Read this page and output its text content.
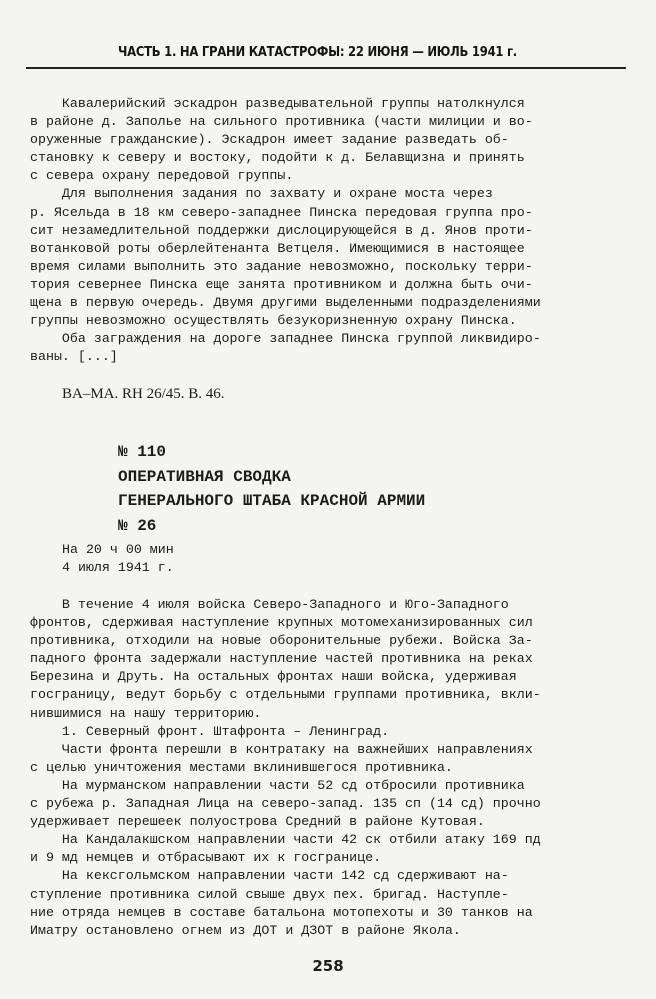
ЧАСТЬ 1. НА ГРАНИ КАТАСТРОФЫ: 22 ИЮНЯ — ИЮЛЬ 1941 г.

Кавалерийский эскадрон разведывательной группы натолкнулся

в районе д. Заполье на сильного противника (части милиции и во-

оруженные гражданские). Эскадрон имеет задание разведать об-

становку к северу и востоку, подойти к д. Белавщизна и принять

с севера охрану передовой группы.

Для выполнения задания по захвату и охране моста через

р. Ясельда в 18 км северо-западнее Пинска передовая группа про-

сит незамедлительной поддержки дислоцирующейся в д. Янов проти-

вотанковой роты оберлейтенанта Ветцеля. Имеющимися в настоящее

время силами выполнить это задание невозможно, поскольку терри-

тория севернее Пинска еще занята противником и должна быть очи-

щена в первую очередь. Двумя другими выделенными подразделениями

группы невозможно осуществлять безукоризненную охрану Пинска.

Оба заграждения на дороге западнее Пинска группой ликвидиро-

ваны. [...]

BA–MA. RH 26/45. B. 46.
№ 110
ОПЕРАТИВНАЯ СВОДКА
ГЕНЕРАЛЬНОГО ШТАБА КРАСНОЙ АРМИИ
№ 26
На 20 ч 00 мин
4 июля 1941 г.

В течение 4 июля войска Северо-Западного и Юго-Западного

фронтов, сдерживая наступление крупных мотомеханизированных сил

противника, отходили на новые оборонительные рубежи. Войска За-

падного фронта задержали наступление частей противника на реках

Березина и Друть. На остальных фронтах наши войска, удерживая

госграницу, ведут борьбу с отдельными группами противника, вкли-

нившимися на нашу территорию.

1. Северный фронт. Штафронта – Ленинград.

Части фронта перешли в контратаку на важнейших направлениях

с целью уничтожения местами вклинившегося противника.

На мурманском направлении части 52 сд отбросили противника

с рубежа р. Западная Лица на северо-запад. 135 сп (14 сд) прочно

удерживает перешеек полуострова Средний в районе Кутовая.

На Кандалакшском направлении части 42 ск отбили атаку 169 пд

и 9 мд немцев и отбрасывают их к госгранице.

На кексгольмском направлении части 142 сд сдерживают на-

ступление противника силой свыше двух пех. бригад. Наступле-

ние отряда немцев в составе батальона мотопехоты и 30 танков на

Иматру остановлено огнем из ДОТ и ДЗОТ в районе Якола.

258
